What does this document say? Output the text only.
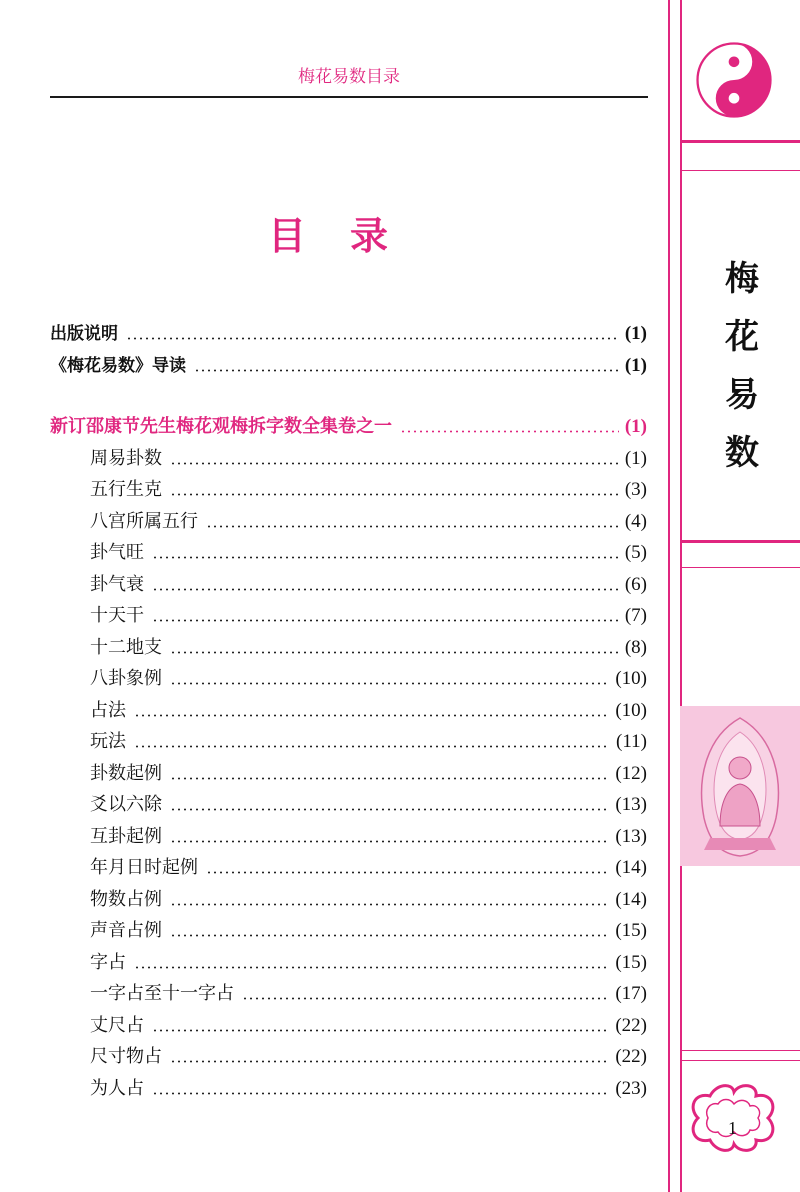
梅花易数目录
目录
出版说明	(1)
《梅花易数》导读	(1)
新订邵康节先生梅花观梅拆字数全集卷之一	(1)
周易卦数	(1)
五行生克	(3)
八宫所属五行	(4)
卦气旺	(5)
卦气衰	(6)
十天干	(7)
十二地支	(8)
八卦象例	(10)
占法	(10)
玩法	(11)
卦数起例	(12)
爻以六除	(13)
互卦起例	(13)
年月日时起例	(14)
物数占例	(14)
声音占例	(15)
字占	(15)
一字占至十一字占	(17)
丈尺占	(22)
尺寸物占	(22)
为人占	(23)
梅
花
易
数
1
